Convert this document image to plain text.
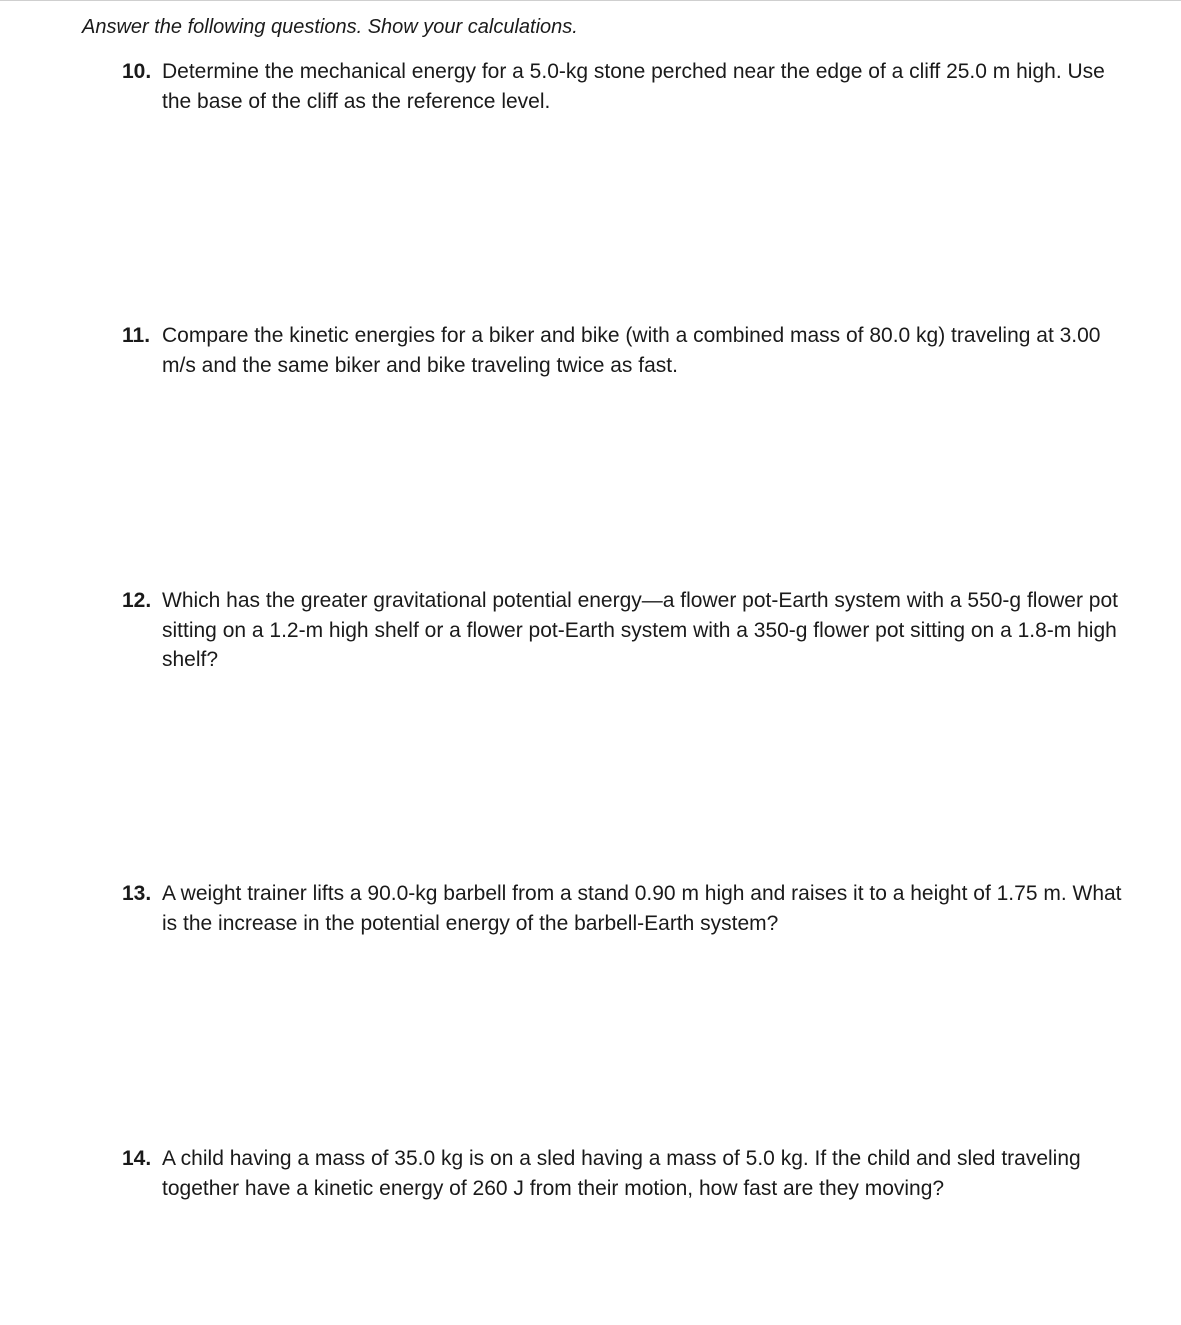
Answer the following questions. Show your calculations.

10. Determine the mechanical energy for a 5.0-kg stone perched near the edge of a cliff 25.0 m high. Use the base of the cliff as the reference level.
11. Compare the kinetic energies for a biker and bike (with a combined mass of 80.0 kg) traveling at 3.00 m/s and the same biker and bike traveling twice as fast.
12. Which has the greater gravitational potential energy—a flower pot-Earth system with a 550-g flower pot sitting on a 1.2-m high shelf or a flower pot-Earth system with a 350-g flower pot sitting on a 1.8-m high shelf?
13. A weight trainer lifts a 90.0-kg barbell from a stand 0.90 m high and raises it to a height of 1.75 m. What is the increase in the potential energy of the barbell-Earth system?
14. A child having a mass of 35.0 kg is on a sled having a mass of 5.0 kg. If the child and sled traveling together have a kinetic energy of 260 J from their motion, how fast are they moving?
